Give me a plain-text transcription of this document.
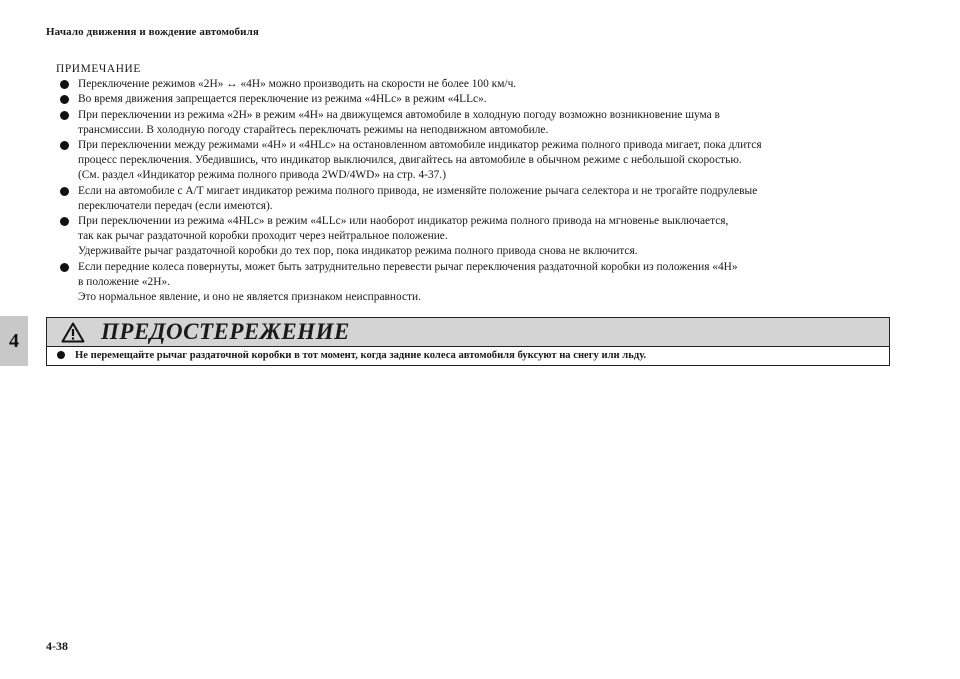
Начало движения и вождение автомобиля
4
ПРИМЕЧАНИЕ
Переключение режимов «2H» ↔ «4H» можно производить на скорости не более 100 км/ч.
Во время движения запрещается переключение из режима «4HLc» в режим «4LLc».
При переключении из режима «2H» в режим «4H» на движущемся автомобиле в холодную погоду возможно возникновение шума в
трансмиссии. В холодную погоду старайтесь переключать режимы на неподвижном автомобиле.
При переключении между режимами «4H» и «4HLc» на остановленном автомобиле индикатор режима полного привода мигает, пока длится
процесс переключения. Убедившись, что индикатор выключился, двигайтесь на автомобиле в обычном режиме с небольшой скоростью.
(См. раздел «Индикатор режима полного привода 2WD/4WD» на стр. 4-37.)
Если на автомобиле с A/T мигает индикатор режима полного привода, не изменяйте положение рычага селектора и не трогайте подрулевые
переключатели передач (если имеются).
При переключении из режима «4HLc» в режим «4LLc» или наоборот индикатор режима полного привода на мгновенье выключается,
так как рычаг раздаточной коробки проходит через нейтральное положение.
Удерживайте рычаг раздаточной коробки до тех пор, пока индикатор режима полного привода снова не включится.
Если передние колеса повернуты, может быть затруднительно перевести рычаг переключения раздаточной коробки из положения «4H»
в положение «2H».
Это нормальное явление, и оно не является признаком неисправности.
ПРЕДОСТЕРЕЖЕНИЕ
Не перемещайте рычаг раздаточной коробки в тот момент, когда задние колеса автомобиля буксуют на снегу или льду.
4-38
